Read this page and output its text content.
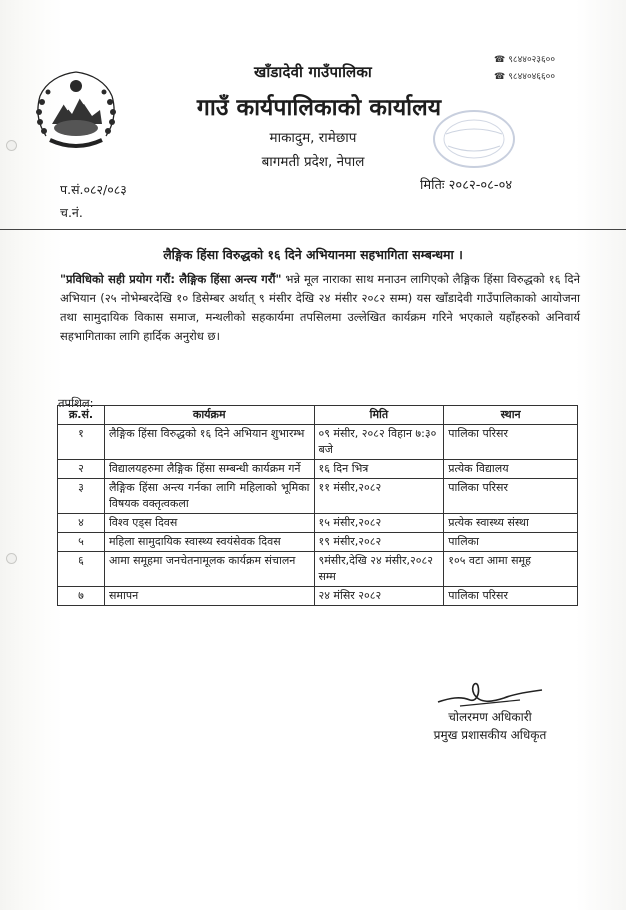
खाँडादेवी गाउँपालिका
गाउँ कार्यपालिकाको कार्यालय
माकादुम, रामेछाप
बागमती प्रदेश, नेपाल
☎ ९८४४०२३६००
☎ ९८४४०४६६००
प.सं.०८२/०८३
च.नं.
मितिः २०८२-०८-०४
लैङ्गिक हिंसा विरुद्धको १६ दिने अभियानमा सहभागिता सम्बन्धमा ।
"प्रविधिको सही प्रयोग गरौं: लैङ्गिक हिंसा अन्त्य गरौं" भन्ने मूल नाराका साथ मनाउन लागिएको लैङ्गिक हिंसा विरुद्धको १६ दिने अभियान (२५ नोभेम्बरदेखि १० डिसेम्बर अर्थात् ९ मंसीर देखि २४ मंसीर २०८२ सम्म) यस खाँडादेवी गाउँपालिकाको आयोजना तथा सामुदायिक विकास समाज, मन्थलीको सहकार्यमा तपसिलमा उल्लेखित कार्यक्रम गरिने भएकाले यहाँहरुको अनिवार्य सहभागिताका लागि हार्दिक अनुरोध छ।
तपशिल:
क्र.सं.	कार्यक्रम	मिति	स्थान
१	लैङ्गिक हिंसा विरुद्धको १६ दिने अभियान शुभारम्भ	०९ मंसीर, २०८२ विहान ७:३० बजे	पालिका परिसर
२	विद्यालयहरुमा लैङ्गिक हिंसा सम्बन्धी कार्यक्रम गर्ने	१६ दिन भित्र	प्रत्येक विद्यालय
३	लैङ्गिक हिंसा अन्त्य गर्नका लागि महिलाको भूमिका विषयक वक्तृत्वकला	११ मंसीर,२०८२	पालिका परिसर
४	विश्व एड्स दिवस	१५ मंसीर,२०८२	प्रत्येक स्वास्थ्य संस्था
५	महिला सामुदायिक स्वास्थ्य स्वयंसेवक दिवस	१९ मंसीर,२०८२	पालिका
६	आमा समूहमा जनचेतनामूलक कार्यक्रम संचालन	९मंसीर,देखि २४ मंसीर,२०८२ सम्म	१०५ वटा आमा समूह
७	समापन	२४ मंसिर २०८२	पालिका परिसर
चोलरमण अधिकारी
प्रमुख प्रशासकीय अधिकृत
